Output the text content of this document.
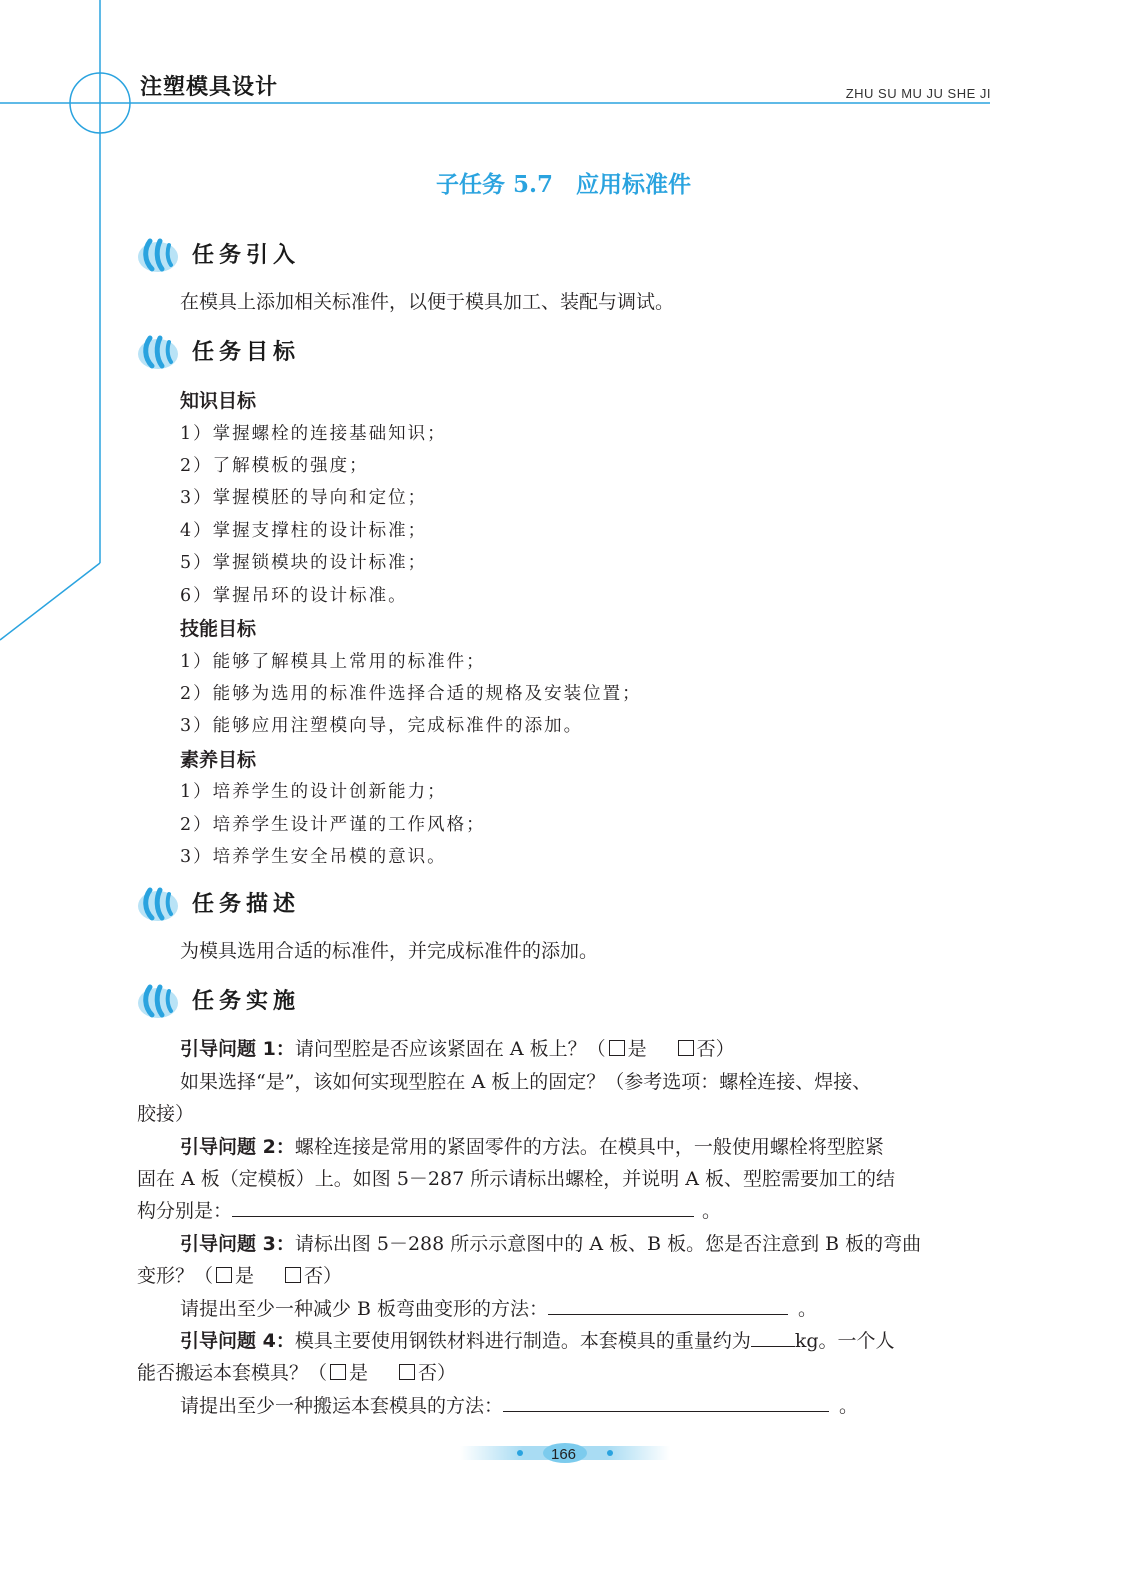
注塑模具设计	ZHU SU MU JU SHE JI
子任务 5.7　应用标准件
任务引入
在模具上添加相关标准件，以便于模具加工、装配与调试。
任务目标
知识目标
1）掌握螺栓的连接基础知识；
2）了解模板的强度；
3）掌握模胚的导向和定位；
4）掌握支撑柱的设计标准；
5）掌握锁模块的设计标准；
6）掌握吊环的设计标准。
技能目标
1）能够了解模具上常用的标准件；
2）能够为选用的标准件选择合适的规格及安装位置；
3）能够应用注塑模向导，完成标准件的添加。
素养目标
1）培养学生的设计创新能力；
2）培养学生设计严谨的工作风格；
3）培养学生安全吊模的意识。
任务描述
为模具选用合适的标准件，并完成标准件的添加。
任务实施
引导问题 1：请问型腔是否应该紧固在 A 板上？（ 是	否）
如果选择“是”，该如何实现型腔在 A 板上的固定？（参考选项：螺栓连接、焊接、
胶接）
引导问题 2：螺栓连接是常用的紧固零件的方法。在模具中，一般使用螺栓将型腔紧
固在 A 板（定模板）上。如图 5－287 所示请标出螺栓，并说明 A 板、型腔需要加工的结
构分别是：	。
引导问题 3：请标出图 5－288 所示示意图中的 A 板、B 板。您是否注意到 B 板的弯曲
变形？（ 是	否）
请提出至少一种减少 B 板弯曲变形的方法：	。
引导问题 4：模具主要使用钢铁材料进行制造。本套模具的重量约为 kg。一个人
能否搬运本套模具？（ 是	否）
请提出至少一种搬运本套模具的方法：	。
166
